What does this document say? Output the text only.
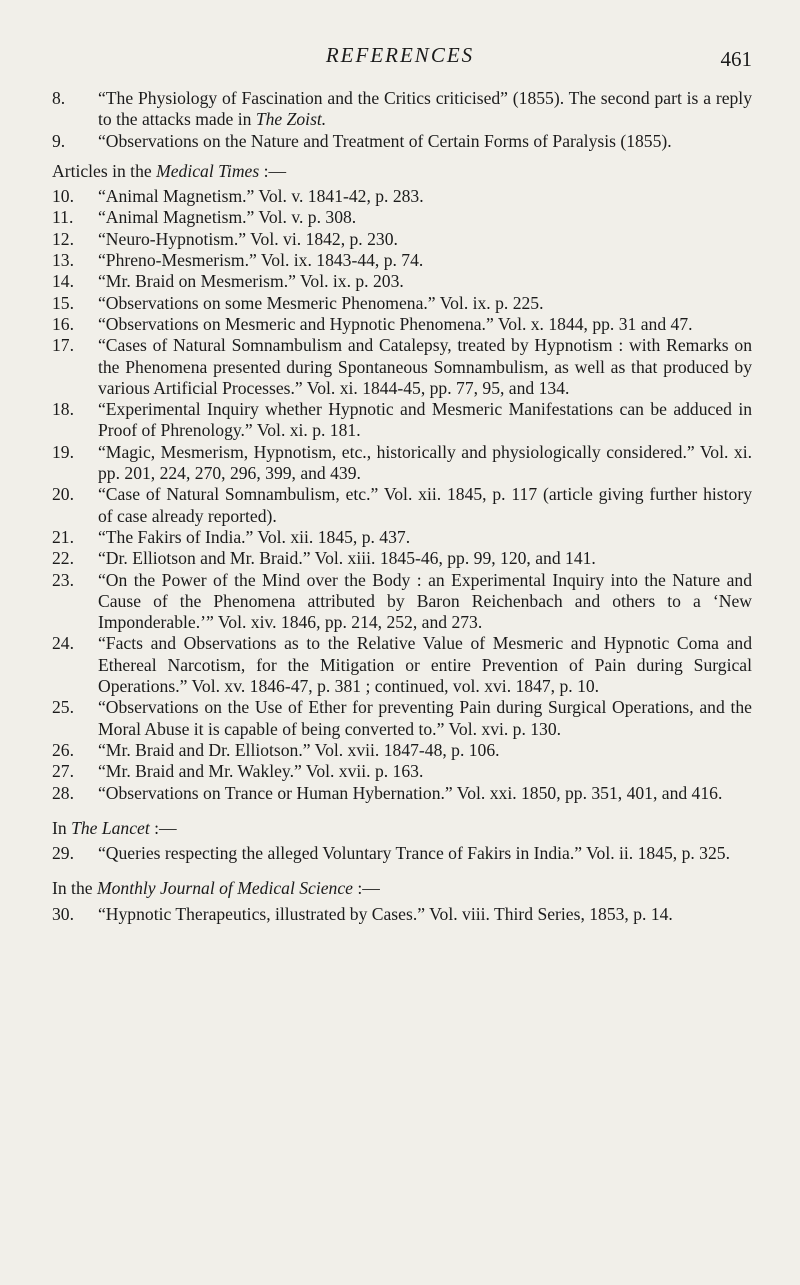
REFERENCES	461
8.	“The Physiology of Fascination and the Critics criticised” (1855). The second part is a reply to the attacks made in The Zoist.
9.	“Observations on the Nature and Treatment of Certain Forms of Paralysis (1855).
Articles in the Medical Times :—
10.	“Animal Magnetism.” Vol. v. 1841-42, p. 283.
11.	“Animal Magnetism.” Vol. v. p. 308.
12.	“Neuro-Hypnotism.” Vol. vi. 1842, p. 230.
13.	“Phreno-Mesmerism.” Vol. ix. 1843-44, p. 74.
14.	“Mr. Braid on Mesmerism.” Vol. ix. p. 203.
15.	“Observations on some Mesmeric Phenomena.” Vol. ix. p. 225.
16.	“Observations on Mesmeric and Hypnotic Phenomena.” Vol. x. 1844, pp. 31 and 47.
17.	“Cases of Natural Somnambulism and Catalepsy, treated by Hypnotism : with Remarks on the Phenomena presented during Spontaneous Somnambulism, as well as that produced by various Artificial Processes.” Vol. xi. 1844-45, pp. 77, 95, and 134.
18.	“Experimental Inquiry whether Hypnotic and Mesmeric Manifestations can be adduced in Proof of Phrenology.” Vol. xi. p. 181.
19.	“Magic, Mesmerism, Hypnotism, etc., historically and physiologically considered.” Vol. xi. pp. 201, 224, 270, 296, 399, and 439.
20.	“Case of Natural Somnambulism, etc.” Vol. xii. 1845, p. 117 (article giving further history of case already reported).
21.	“The Fakirs of India.” Vol. xii. 1845, p. 437.
22.	“Dr. Elliotson and Mr. Braid.” Vol. xiii. 1845-46, pp. 99, 120, and 141.
23.	“On the Power of the Mind over the Body : an Experimental Inquiry into the Nature and Cause of the Phenomena attributed by Baron Reichenbach and others to a ‘New Imponderable.’” Vol. xiv. 1846, pp. 214, 252, and 273.
24.	“Facts and Observations as to the Relative Value of Mesmeric and Hypnotic Coma and Ethereal Narcotism, for the Mitigation or entire Prevention of Pain during Surgical Operations.” Vol. xv. 1846-47, p. 381 ; continued, vol. xvi. 1847, p. 10.
25.	“Observations on the Use of Ether for preventing Pain during Surgical Operations, and the Moral Abuse it is capable of being converted to.” Vol. xvi. p. 130.
26.	“Mr. Braid and Dr. Elliotson.” Vol. xvii. 1847-48, p. 106.
27.	“Mr. Braid and Mr. Wakley.” Vol. xvii. p. 163.
28.	“Observations on Trance or Human Hybernation.” Vol. xxi. 1850, pp. 351, 401, and 416.
In The Lancet :—
29.	“Queries respecting the alleged Voluntary Trance of Fakirs in India.” Vol. ii. 1845, p. 325.
In the Monthly Journal of Medical Science :—
30.	“Hypnotic Therapeutics, illustrated by Cases.” Vol. viii. Third Series, 1853, p. 14.
